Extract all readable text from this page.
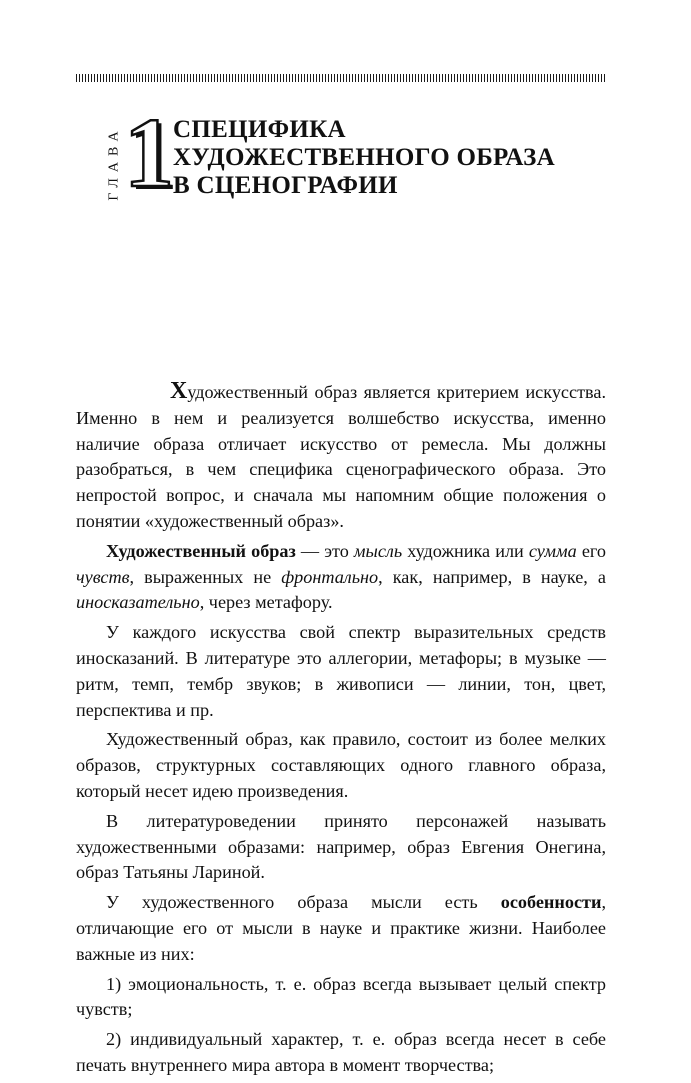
ГЛАВА 1 СПЕЦИФИКА
ХУДОЖЕСТВЕННОГО ОБРАЗА
В СЦЕНОГРАФИИ

Художественный образ является критерием искусства. Именно в нем и реализуется волшебство искусства, именно наличие образа отличает искусство от ремесла. Мы должны разобраться, в чем специфика сценографического образа. Это непростой вопрос, и сначала мы напомним общие положения о понятии «художественный образ».

Художественный образ — это мысль художника или сумма его чувств, выраженных не фронтально, как, например, в науке, а иносказательно, через метафору.

У каждого искусства свой спектр выразительных средств иносказаний. В литературе это аллегории, метафоры; в музыке — ритм, темп, тембр звуков; в живописи — линии, тон, цвет, перспектива и пр.

Художественный образ, как правило, состоит из более мелких образов, структурных составляющих одного главного образа, который несет идею произведения.

В литературоведении принято персонажей называть художественными образами: например, образ Евгения Онегина, образ Татьяны Лариной.

У художественного образа мысли есть особенности, отличающие его от мысли в науке и практике жизни. Наиболее важные из них:

1) эмоциональность, т. е. образ всегда вызывает целый спектр чувств;

2) индивидуальный характер, т. е. образ всегда несет в себе печать внутреннего мира автора в момент творчества;
